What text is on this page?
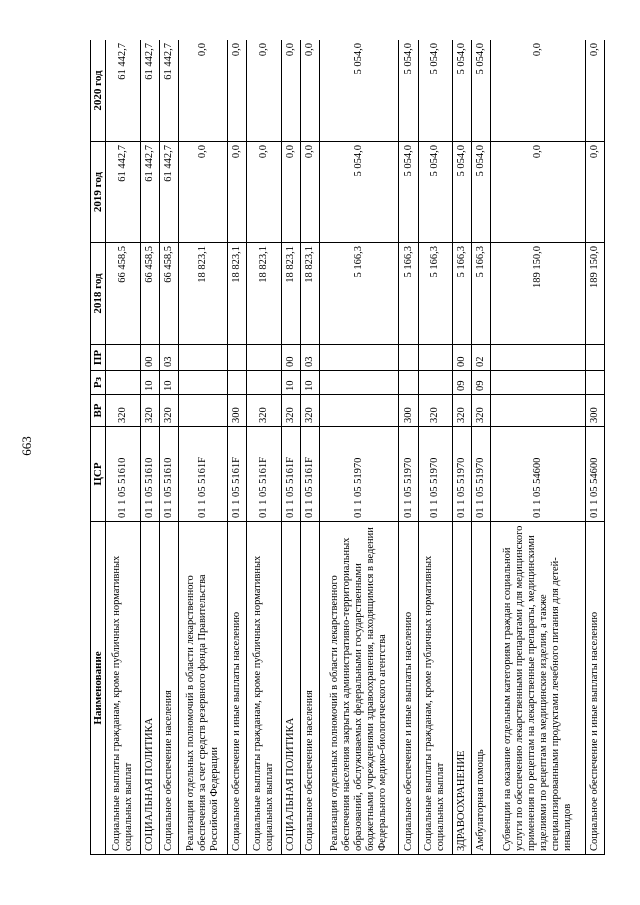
663
Наименование	ЦСР	ВР	Рз	ПР	2018 год	2019 год	2020 год
Социальные выплаты гражданам, кроме публичных нормативных социальных выплат	01 1 05 51610	320			66 458,5	61 442,7	61 442,7
СОЦИАЛЬНАЯ ПОЛИТИКА	01 1 05 51610	320	10	00	66 458,5	61 442,7	61 442,7
Социальное обеспечение населения	01 1 05 51610	320	10	03	66 458,5	61 442,7	61 442,7
Реализация отдельных полномочий в области лекарственного обеспечения за счет средств резервного фонда Правительства Российской Федерации	01 1 05 5161F				18 823,1	0,0	0,0
Социальное обеспечение и иные выплаты населению	01 1 05 5161F	300			18 823,1	0,0	0,0
Социальные выплаты гражданам, кроме публичных нормативных социальных выплат	01 1 05 5161F	320			18 823,1	0,0	0,0
СОЦИАЛЬНАЯ ПОЛИТИКА	01 1 05 5161F	320	10	00	18 823,1	0,0	0,0
Социальное обеспечение населения	01 1 05 5161F	320	10	03	18 823,1	0,0	0,0
Реализация отдельных полномочий в области лекарственного обеспечения населения закрытых административно-территориальных образований, обслуживаемых федеральными государственными бюджетными учреждениями здравоохранения, находящимися в ведении Федерального медико-биологического агентства	01 1 05 51970				5 166,3	5 054,0	5 054,0
Социальное обеспечение и иные выплаты населению	01 1 05 51970	300			5 166,3	5 054,0	5 054,0
Социальные выплаты гражданам, кроме публичных нормативных социальных выплат	01 1 05 51970	320			5 166,3	5 054,0	5 054,0
ЗДРАВООХРАНЕНИЕ	01 1 05 51970	320	09	00	5 166,3	5 054,0	5 054,0
Амбулаторная помощь	01 1 05 51970	320	09	02	5 166,3	5 054,0	5 054,0
Субвенции на оказание отдельным категориям граждан социальной услуги по обеспечению лекарственными препаратами для медицинского применения по рецептам на лекарственные препараты, медицинскими изделиями по рецептам на медицинские изделия, а также специализированными продуктами лечебного питания для детей-инвалидов	01 1 05 54600				189 150,0	0,0	0,0
Социальное обеспечение и иные выплаты населению	01 1 05 54600	300			189 150,0	0,0	0,0
